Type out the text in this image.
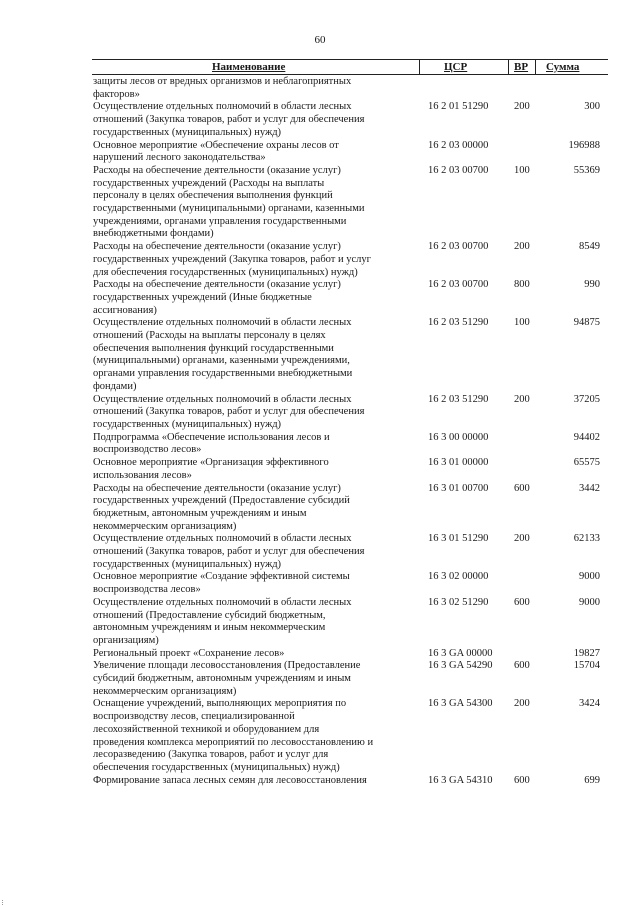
60
Наименование	ЦСР	ВР Сумма
защиты лесов от вредных организмов и неблагоприятных
факторов»
Осуществление отдельных полномочий в области лесных
отношений (Закупка товаров, работ и услуг для обеспечения
государственных (муниципальных) нужд)
16 2 01 51290 200	300
Основное мероприятие «Обеспечение охраны лесов от
нарушений лесного законодательства»
16 2 03 00000	196988
Расходы на обеспечение деятельности (оказание услуг)
государственных учреждений (Расходы на выплаты
персоналу в целях обеспечения выполнения функций
государственными (муниципальными) органами, казенными
учреждениями, органами управления государственными
внебюджетными фондами)
16 2 03 00700 100	55369
Расходы на обеспечение деятельности (оказание услуг)
государственных учреждений (Закупка товаров, работ и услуг
для обеспечения государственных (муниципальных) нужд)
16 2 03 00700 200	8549
Расходы на обеспечение деятельности (оказание услуг)
государственных учреждений (Иные бюджетные
ассигнования)
16 2 03 00700 800	990
Осуществление отдельных полномочий в области лесных
отношений (Расходы на выплаты персоналу в целях
обеспечения выполнения функций государственными
(муниципальными) органами, казенными учреждениями,
органами управления государственными внебюджетными
фондами)
16 2 03 51290 100	94875
Осуществление отдельных полномочий в области лесных
отношений (Закупка товаров, работ и услуг для обеспечения
государственных (муниципальных) нужд)
16 2 03 51290 200	37205
Подпрограмма «Обеспечение использования лесов и
воспроизводство лесов»
16 3 00 00000	94402
Основное мероприятие «Организация эффективного
использования лесов»
16 3 01 00000	65575
Расходы на обеспечение деятельности (оказание услуг)
государственных учреждений (Предоставление субсидий
бюджетным, автономным учреждениям и иным
некоммерческим организациям)
16 3 01 00700 600	3442
Осуществление отдельных полномочий в области лесных
отношений (Закупка товаров, работ и услуг для обеспечения
государственных (муниципальных) нужд)
16 3 01 51290 200	62133
Основное мероприятие «Создание эффективной системы
воспроизводства лесов»
16 3 02 00000	9000
Осуществление отдельных полномочий в области лесных
отношений (Предоставление субсидий бюджетным,
автономным учреждениям и иным некоммерческим
организациям)
16 3 02 51290 600	9000
Региональный проект «Сохранение лесов»	16 3 GA 00000	19827
Увеличение площади лесовосстановления (Предоставление
субсидий бюджетным, автономным учреждениям и иным
некоммерческим организациям)
16 3 GA 54290 600	15704
Оснащение учреждений, выполняющих мероприятия по
воспроизводству лесов, специализированной
лесохозяйственной техникой и оборудованием для
проведения комплекса мероприятий по лесовосстановлению и
лесоразведению (Закупка товаров, работ и услуг для
обеспечения государственных (муниципальных) нужд)
16 3 GA 54300 200	3424
Формирование запаса лесных семян для лесовосстановления	16 3 GA 54310 600	699
